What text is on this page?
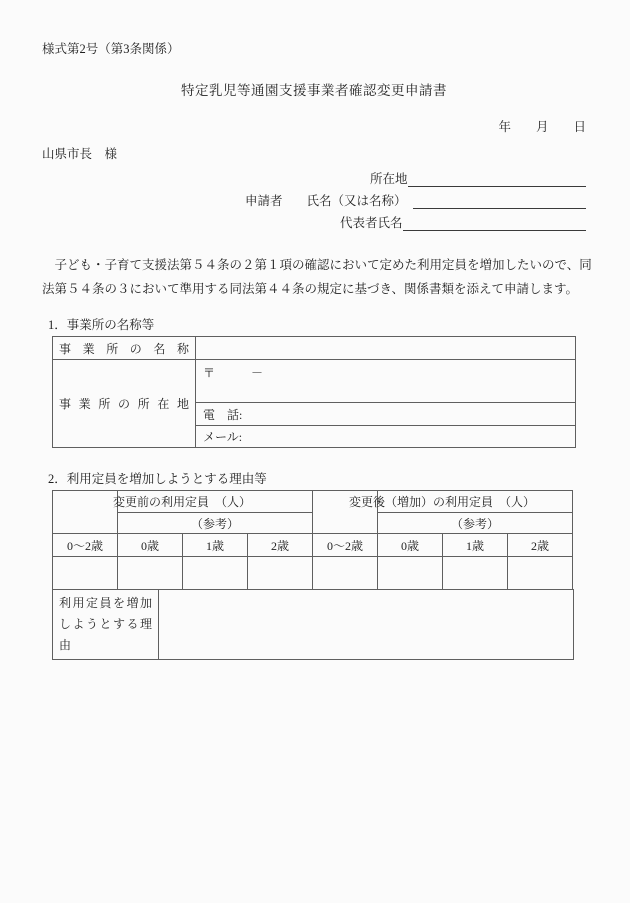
様式第2号（第3条関係）
特定乳児等通園支援事業者確認変更申請書
年　　月　　日
山県市長　様
所在地
申請者 氏名（又は名称）
代表者氏名
　子ども・子育て支援法第５４条の２第１項の確認において定めた利用定員を増加したいので、同
法第５４条の３において準用する同法第４４条の規定に基づき、関係書類を添えて申請します。
1．事業所の名称等
事業所の名称	
事業所の所在地	〒　　　－
	電　話:
	メール:
2．利用定員を増加しようとする理由等
	変更前の利用定員　（人）				変更後（増加）の利用定員　（人）		
	（参考）				（参考）		
0～2歳	0歳	1歳	2歳	0～2歳	0歳	1歳	2歳

利用定員を増加
しようとする理由
